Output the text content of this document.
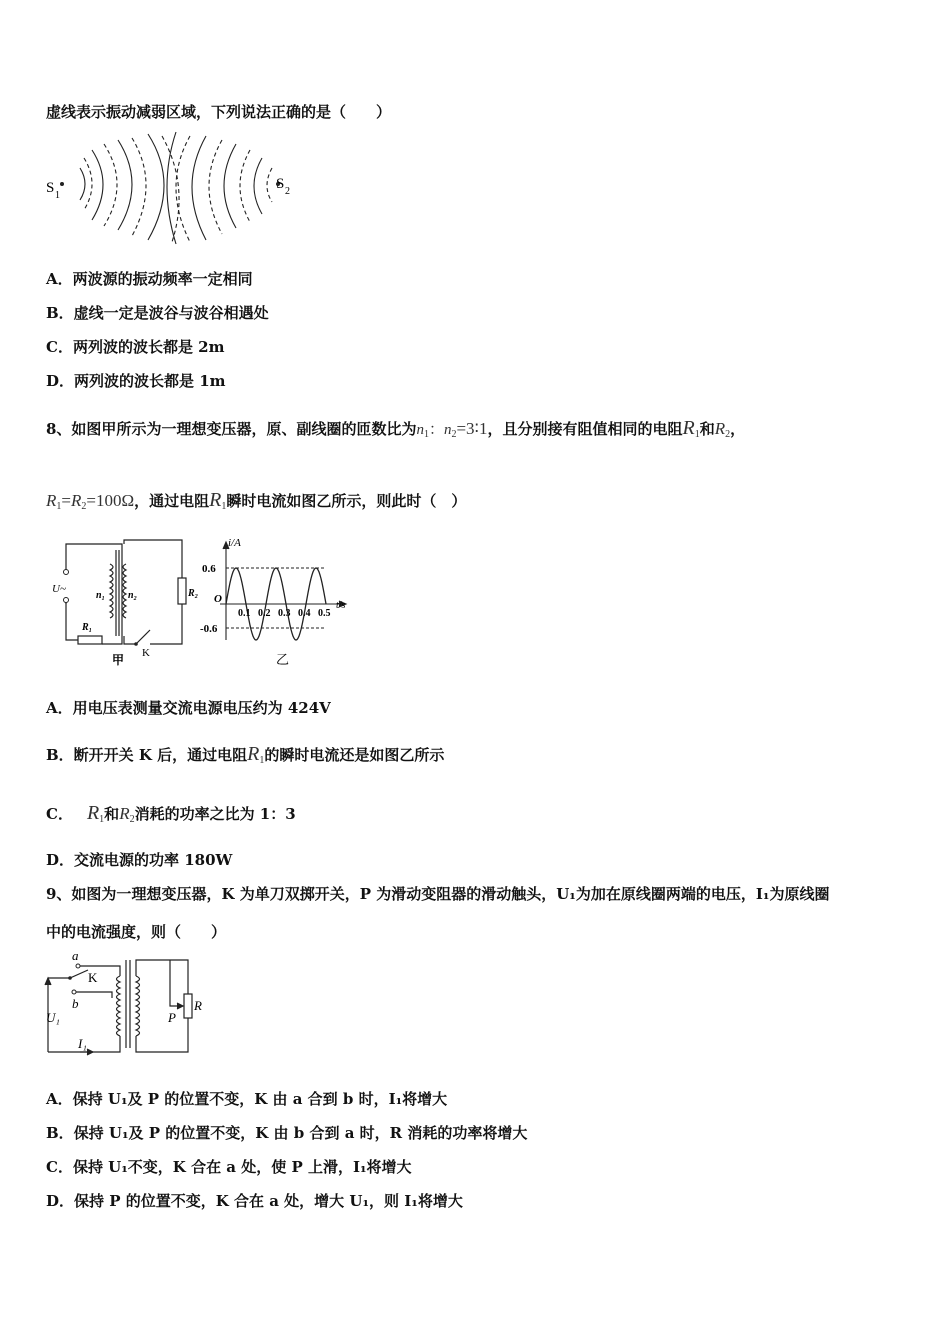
虚线表示振动减弱区域，下列说法正确的是（　　）
S 1
S 2
A．两波源的振动频率一定相同
B．虚线一定是波谷与波谷相遇处
C．两列波的波长都是 2m
D．两列波的波长都是 1m
8、如图甲所示为一理想变压器，原、副线圈的匝数比为$n_1$：$n_2=3∶1$，且分别接有阻值相同的电阻$R_1$和$R_2$，
$R_1=R_2=100\Omega$，通过电阻$R_1$瞬时电流如图乙所示，则此时（　）
U~
n₁ n₂
R₁
R₂
K
甲
i/A
0.6
-0.6
O
0.1 0.2 0.3 0.4 0.5
t/s
乙
A．用电压表测量交流电源电压约为 424V
B．断开开关 K 后，通过电阻$R_1$的瞬时电流还是如图乙所示
C． $R_1$和$R_2$消耗的功率之比为 1：3
D．交流电源的功率 180W
9、如图为一理想变压器，K 为单刀双掷开关，P 为滑动变阻器的滑动触头，U₁为加在原线圈两端的电压，I₁为原线圈
中的电流强度，则（　　）
a
b
K
U₁
I₁
P
R
A．保持 U₁及 P 的位置不变，K 由 a 合到 b 时，I₁将增大
B．保持 U₁及 P 的位置不变，K 由 b 合到 a 时，R 消耗的功率将增大
C．保持 U₁不变，K 合在 a 处，使 P 上滑，I₁将增大
D．保持 P 的位置不变，K 合在 a 处，增大 U₁，则 I₁将增大
